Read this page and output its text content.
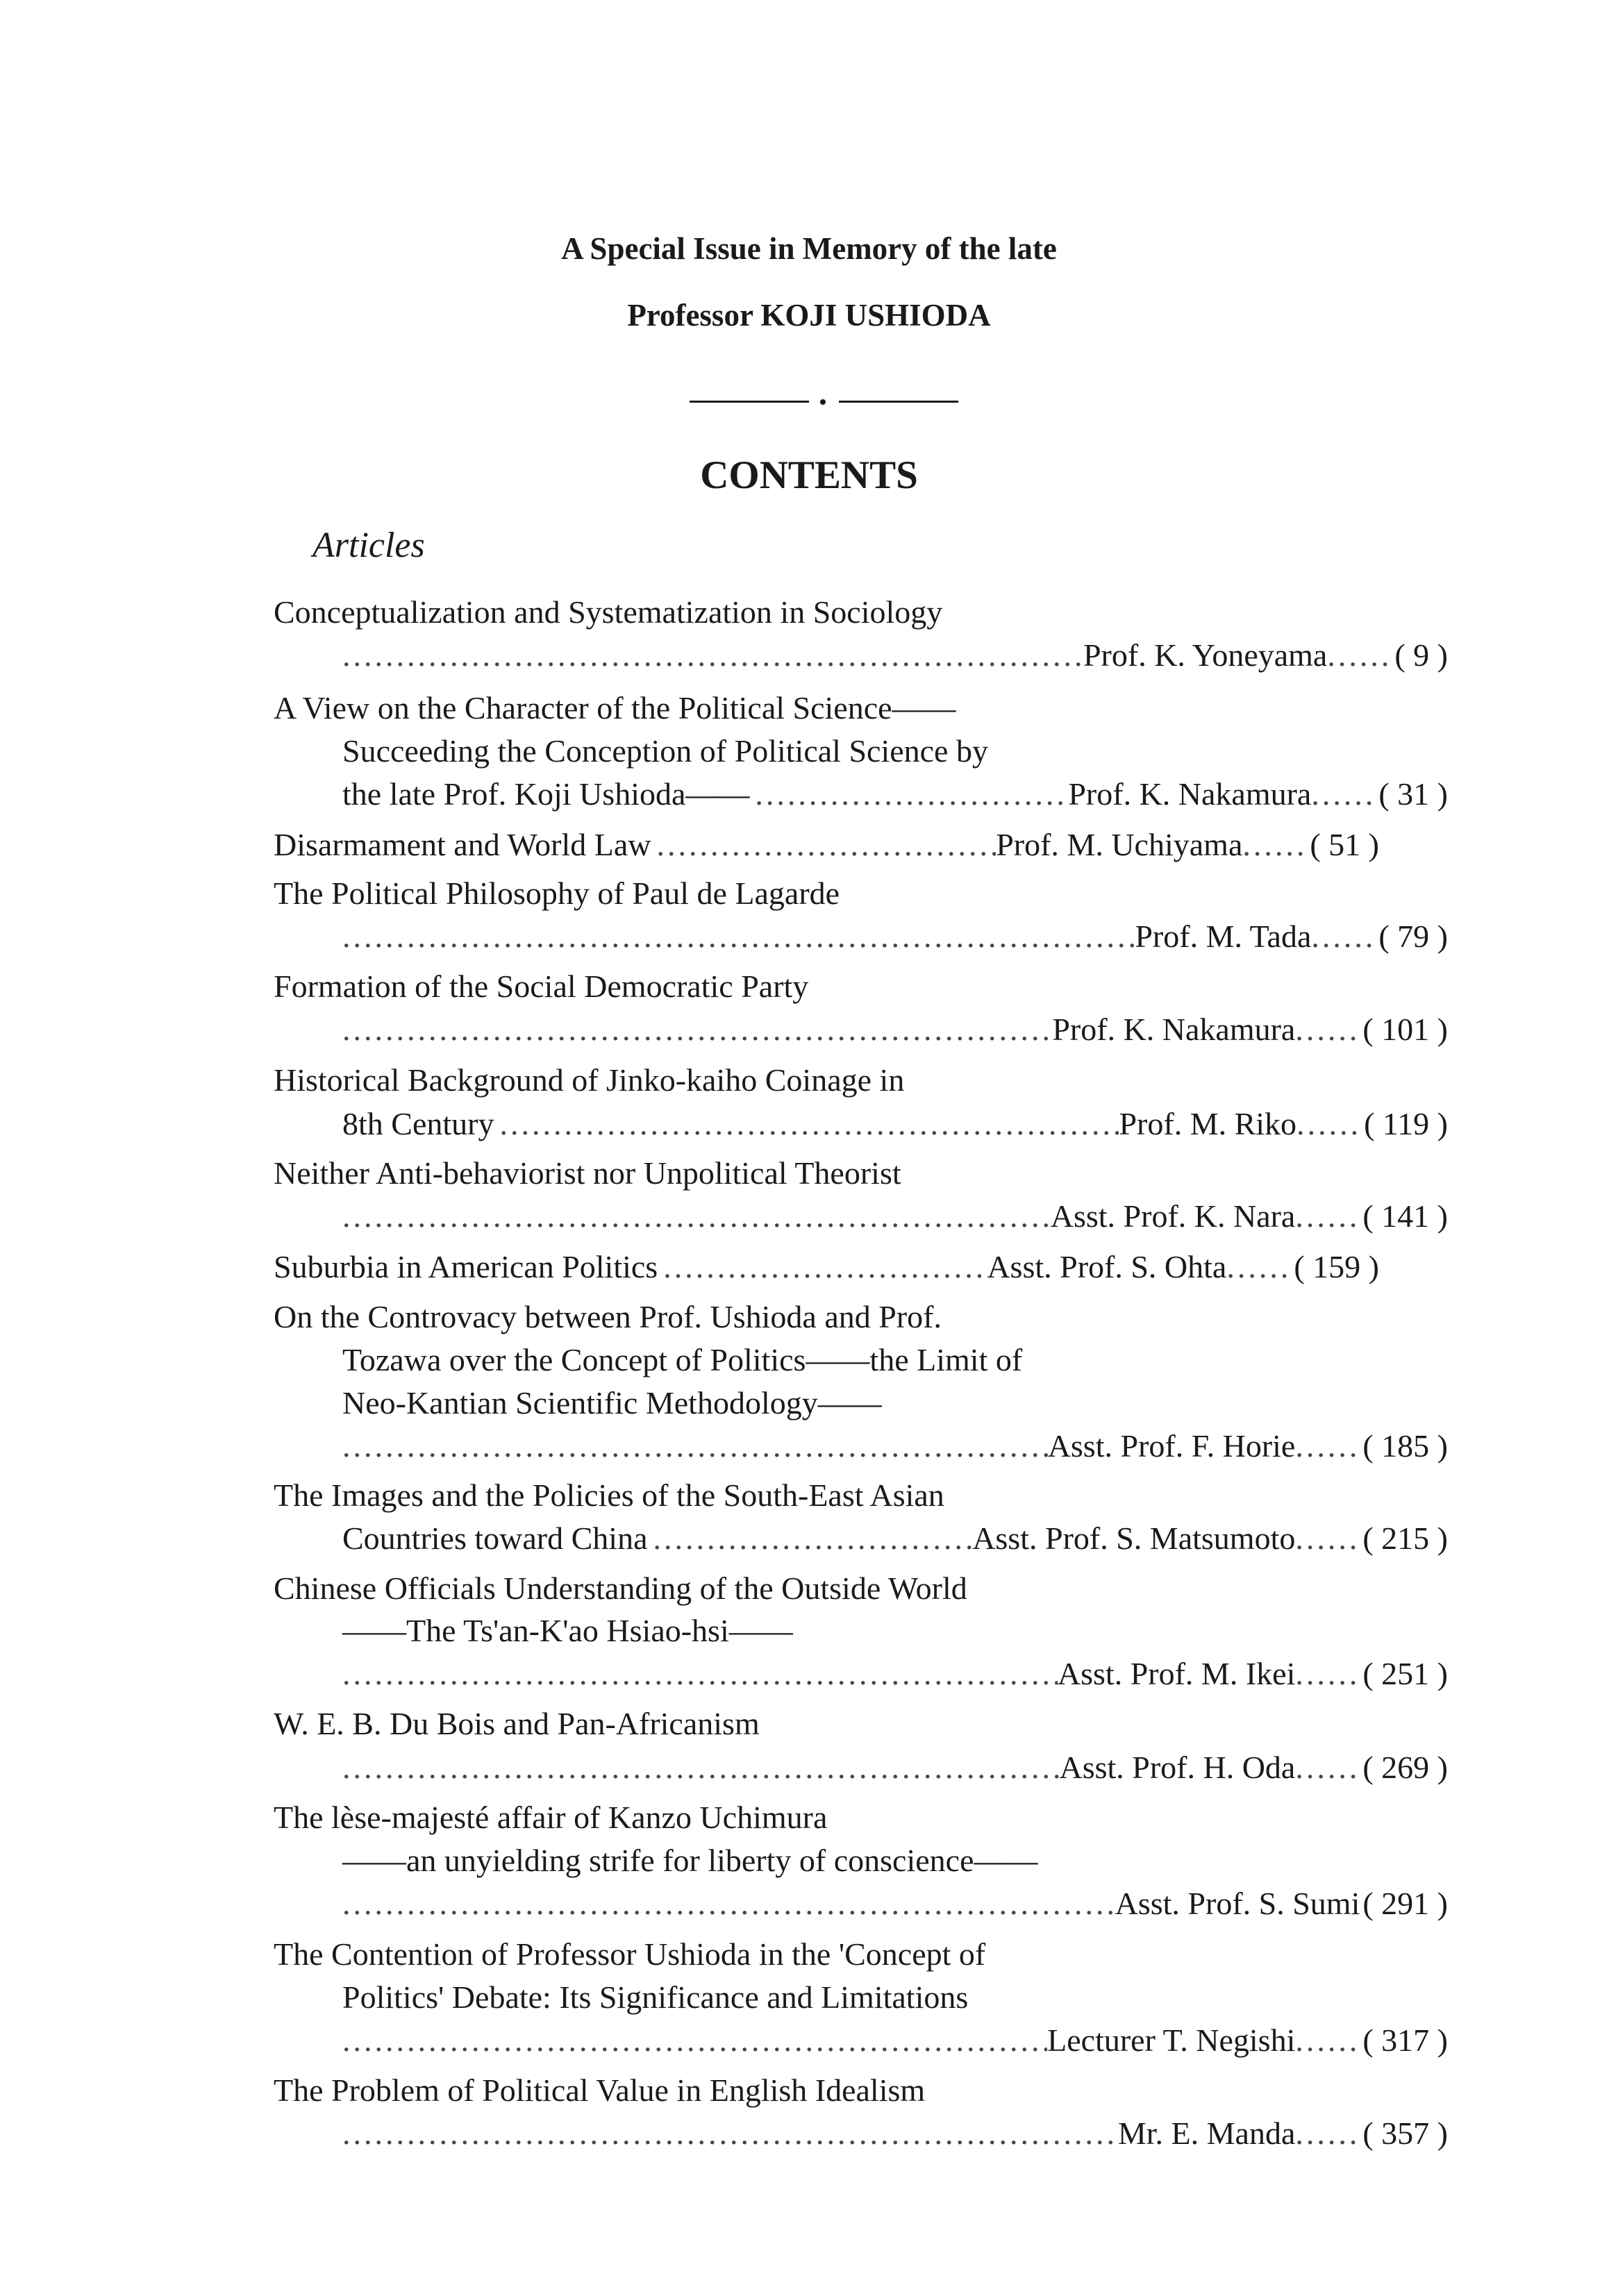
A Special Issue in Memory of the late
Professor KOJI USHIODA
CONTENTS
Articles
Conceptualization and Systematization in Sociology
.....
Prof. K. Yoneyama ...... ( 9 )
A View on the Character of the Political Science——
Succeeding the Conception of Political Science by
the late Prof. Koji Ushioda—— .....	Prof. K. Nakamura ...... ( 31 )
Disarmament and World Law .....	Prof. M. Uchiyama ...... ( 51 )
The Political Philosophy of Paul de Lagarde
.....
Prof. M. Tada ...... ( 79 )
Formation of the Social Democratic Party
.....
Prof. K. Nakamura ...... ( 101 )
Historical Background of Jinko-kaiho Coinage in
8th Century .....	Prof. M. Riko ...... ( 119 )
Neither Anti-behaviorist nor Unpolitical Theorist
.....
Asst. Prof. K. Nara ...... ( 141 )
Suburbia in American Politics .....	Asst. Prof. S. Ohta ...... ( 159 )
On the Controvacy between Prof. Ushioda and Prof.
Tozawa over the Concept of Politics——the Limit of
Neo-Kantian Scientific Methodology——
.....
Asst. Prof. F. Horie ...... ( 185 )
The Images and the Policies of the South-East Asian
Countries toward China .....	Asst. Prof. S. Matsumoto ...... ( 215 )
Chinese Officials Understanding of the Outside World
——The Ts'an-K'ao Hsiao-hsi——
.....
Asst. Prof. M. Ikei ...... ( 251 )
W. E. B. Du Bois and Pan-Africanism
.....
Asst. Prof. H. Oda ...... ( 269 )
The lèse-majesté affair of Kanzo Uchimura
——an unyielding strife for liberty of conscience——
.....
Asst. Prof. S. Sumi ( 291 )
The Contention of Professor Ushioda in the 'Concept of
Politics' Debate: Its Significance and Limitations
.....
Lecturer T. Negishi ...... ( 317 )
The Problem of Political Value in English Idealism
.....
Mr. E. Manda ...... ( 357 )
